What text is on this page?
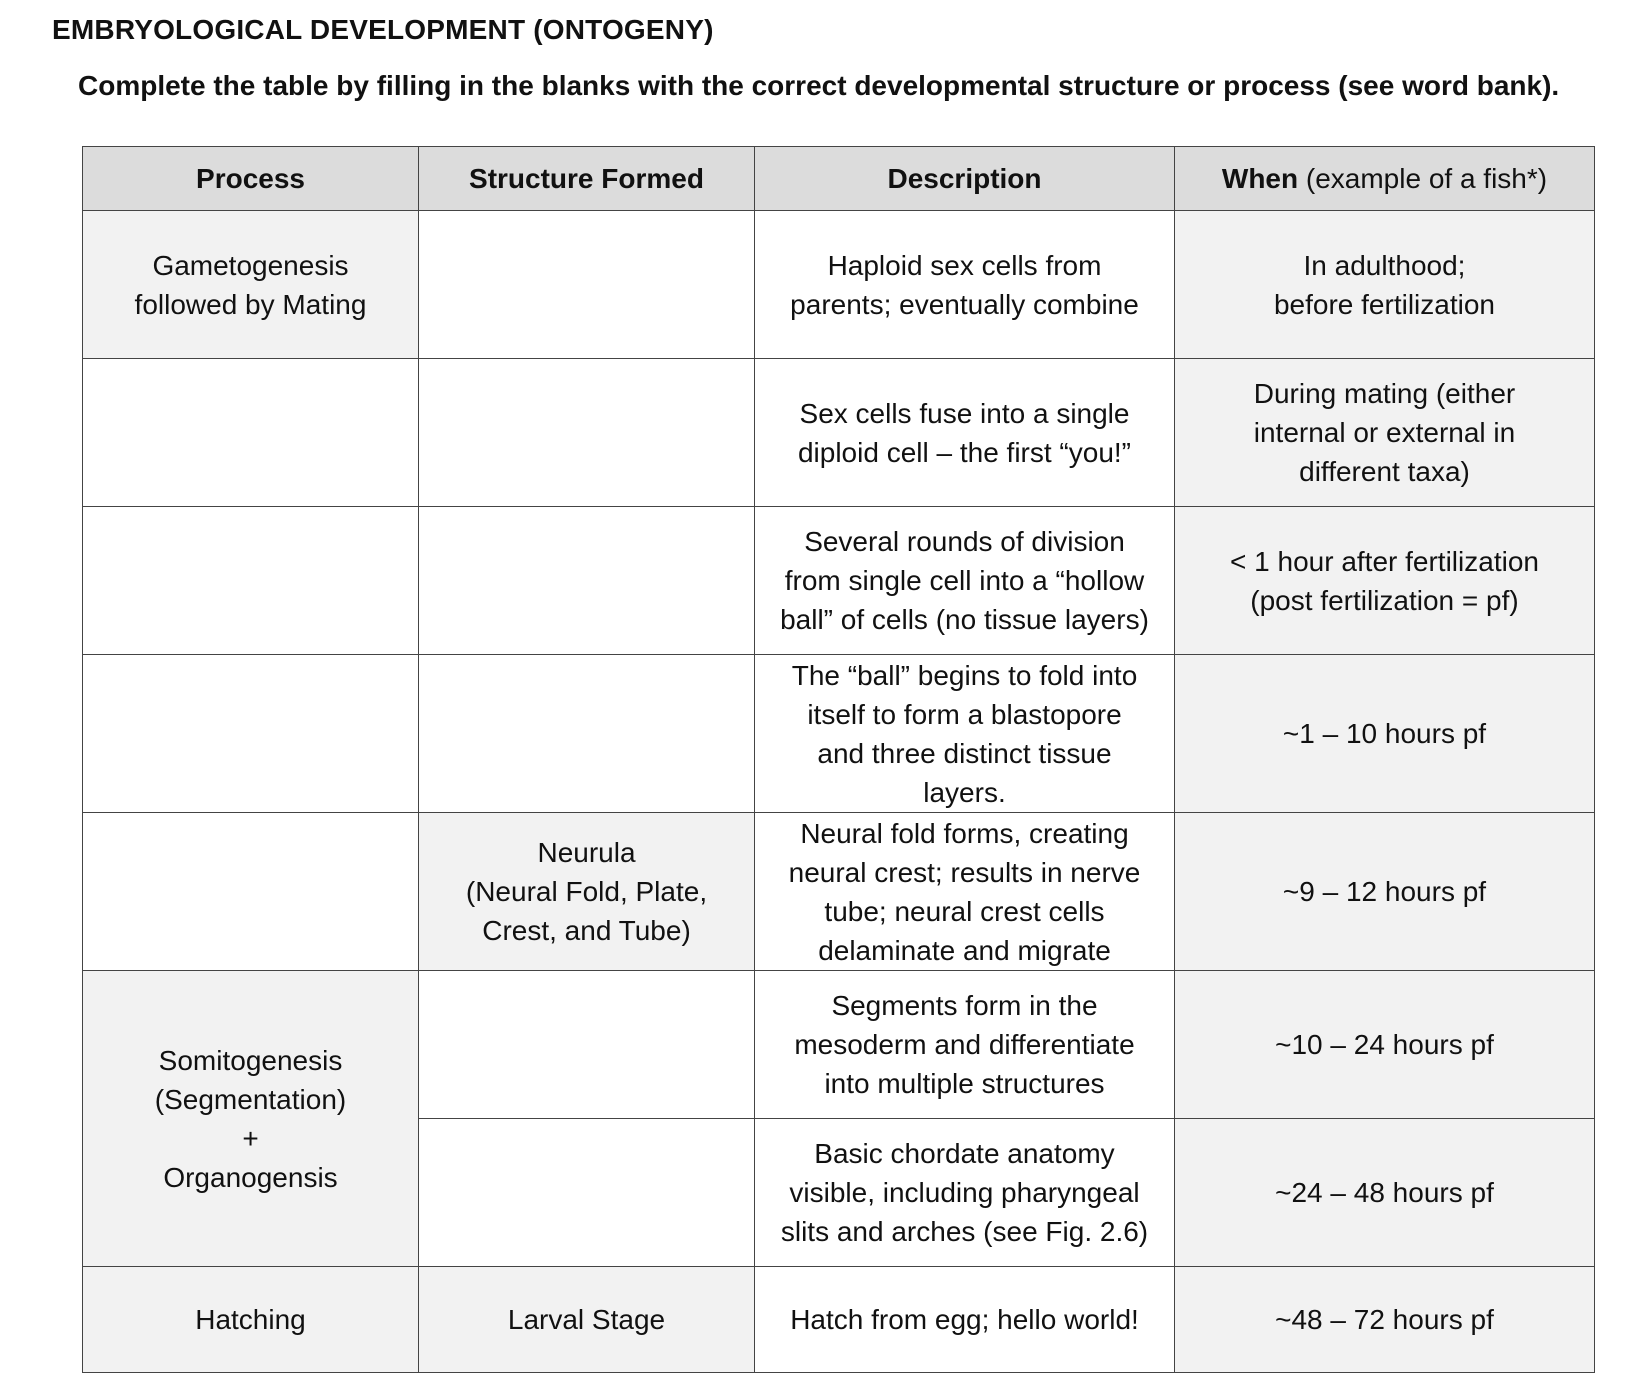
EMBRYOLOGICAL DEVELOPMENT (ONTOGENY)
Complete the table by filling in the blanks with the correct developmental structure or process (see word bank).
Process	Structure Formed	Description	When (example of a fish*)

Gametogenesis
followed by Mating		Haploid sex cells from
parents; eventually combine	In adulthood;
before fertilization

		Sex cells fuse into a single
diploid cell – the first “you!”	During mating (either
internal or external in
different taxa)

		Several rounds of division
from single cell into a “hollow
ball” of cells (no tissue layers)	< 1 hour after fertilization
(post fertilization = pf)

		The “ball” begins to fold into
itself to form a blastopore
and three distinct tissue
layers.	~1 – 10 hours pf

	Neurula
(Neural Fold, Plate,
Crest, and Tube)	Neural fold forms, creating
neural crest; results in nerve
tube; neural crest cells
delaminate and migrate	~9 – 12 hours pf

Somitogenesis
(Segmentation)
+
Organogensis		Segments form in the
mesoderm and differentiate
into multiple structures	~10 – 24 hours pf

		Basic chordate anatomy
visible, including pharyngeal
slits and arches (see Fig. 2.6)	~24 – 48 hours pf

Hatching	Larval Stage	Hatch from egg; hello world!	~48 – 72 hours pf
